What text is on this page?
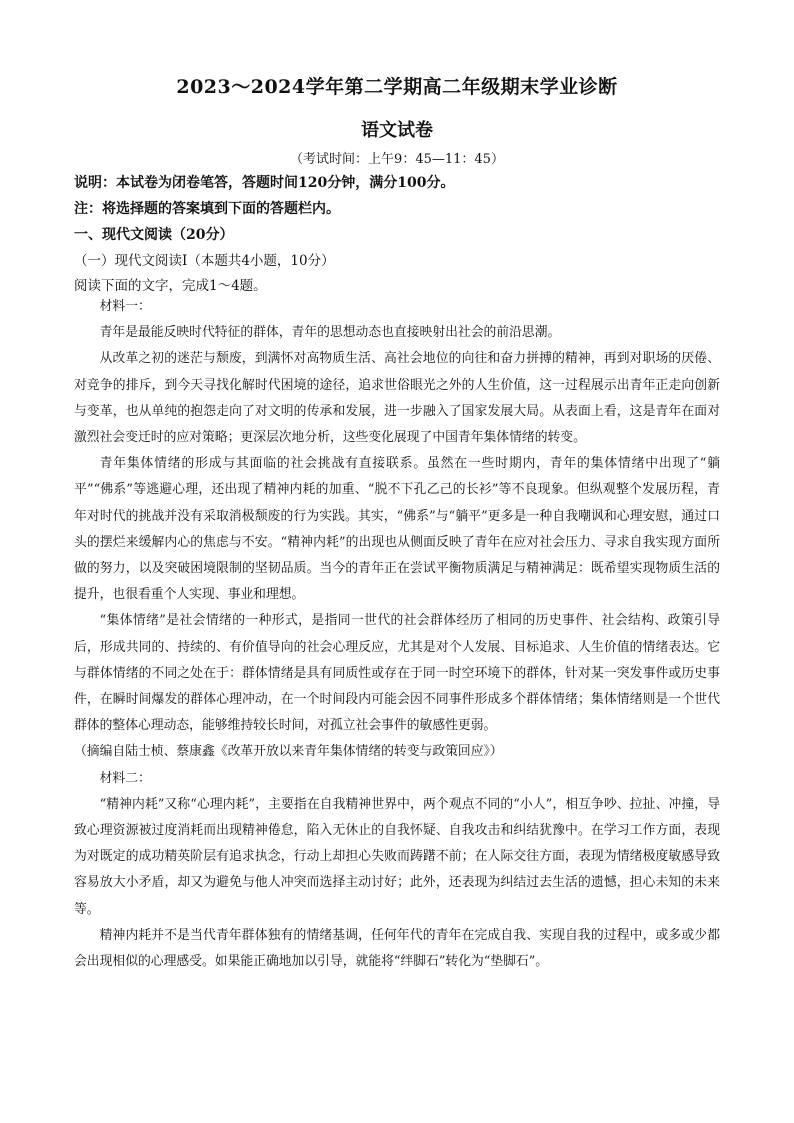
2023～2024学年第二学期高二年级期末学业诊断
语文试卷
（考试时间：上午9：45—11：45）
说明：本试卷为闭卷笔答，答题时间120分钟，满分100分。
注：将选择题的答案填到下面的答题栏内。
一、现代文阅读（20分）
（一）现代文阅读Ⅰ（本题共4小题，10分）
阅读下面的文字，完成1～4题。

材料一：

青年是最能反映时代特征的群体，青年的思想动态也直接映射出社会的前沿思潮。

从改革之初的迷茫与颓废，到满怀对高物质生活、高社会地位的向往和奋力拼搏的精神，再到对职场的厌倦、对竞争的排斥，到今天寻找化解时代困境的途径，追求世俗眼光之外的人生价值，这一过程展示出青年正走向创新与变革，也从单纯的抱怨走向了对文明的传承和发展，进一步融入了国家发展大局。从表面上看，这是青年在面对激烈社会变迁时的应对策略；更深层次地分析，这些变化展现了中国青年集体情绪的转变。

青年集体情绪的形成与其面临的社会挑战有直接联系。虽然在一些时期内，青年的集体情绪中出现了“躺平”“佛系”等逃避心理，还出现了精神内耗的加重、“脱不下孔乙己的长衫”等不良现象。但纵观整个发展历程，青年对时代的挑战并没有采取消极颓废的行为实践。其实，“佛系”与“躺平”更多是一种自我嘲讽和心理安慰，通过口头的摆烂来缓解内心的焦虑与不安。“精神内耗”的出现也从侧面反映了青年在应对社会压力、寻求自我实现方面所做的努力，以及突破困境限制的坚韧品质。当今的青年正在尝试平衡物质满足与精神满足：既希望实现物质生活的提升，也很看重个人实现、事业和理想。

“集体情绪”是社会情绪的一种形式，是指同一世代的社会群体经历了相同的历史事件、社会结构、政策引导后，形成共同的、持续的、有价值导向的社会心理反应，尤其是对个人发展、目标追求、人生价值的情绪表达。它与群体情绪的不同之处在于：群体情绪是具有同质性或存在于同一时空环境下的群体，针对某一突发事件或历史事件，在瞬时间爆发的群体心理冲动，在一个时间段内可能会因不同事件形成多个群体情绪；集体情绪则是一个世代群体的整体心理动态，能够维持较长时间，对孤立社会事件的敏感性更弱。

（摘编自陆士桢、蔡康鑫《改革开放以来青年集体情绪的转变与政策回应》）

材料二：

“精神内耗”又称“心理内耗”，主要指在自我精神世界中，两个观点不同的“小人”，相互争吵、拉扯、冲撞，导致心理资源被过度消耗而出现精神倦怠，陷入无休止的自我怀疑、自我攻击和纠结犹豫中。在学习工作方面，表现为对既定的成功精英阶层有追求执念，行动上却担心失败而踌躇不前；在人际交往方面，表现为情绪极度敏感导致容易放大小矛盾，却又为避免与他人冲突而选择主动讨好；此外，还表现为纠结过去生活的遗憾，担心未知的未来等。

精神内耗并不是当代青年群体独有的情绪基调，任何年代的青年在完成自我、实现自我的过程中，或多或少都会出现相似的心理感受。如果能正确地加以引导，就能将“绊脚石”转化为“垫脚石”。
